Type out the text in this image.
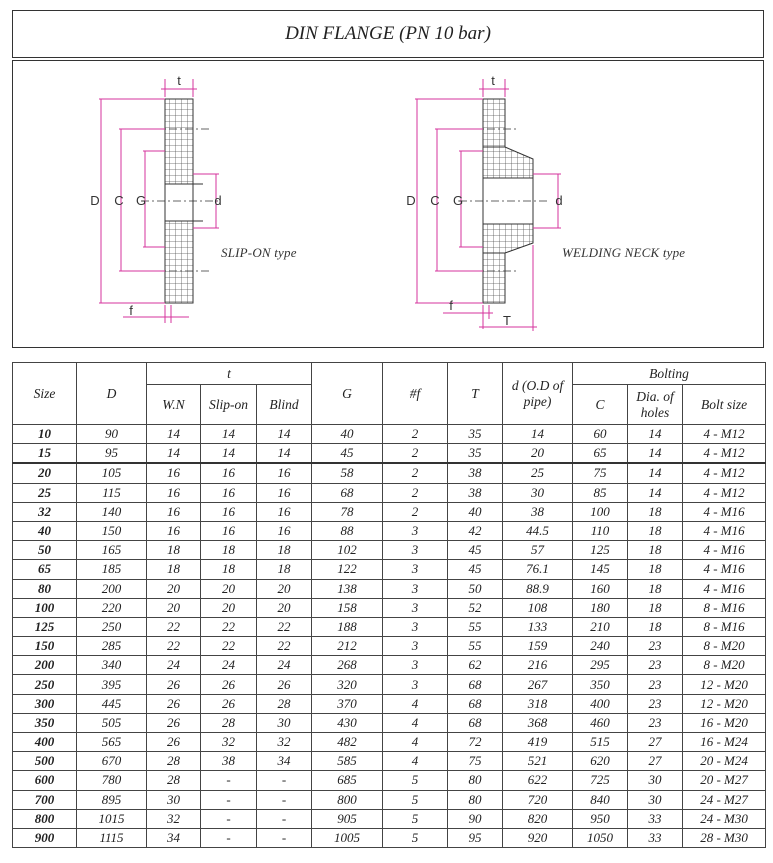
DIN FLANGE (PN 10 bar)
D C G	d
t
f
D C G	d
t
f
T
SLIP-ON type	WELDING NECK type
Size	D	t			G	#f	T	d (O.D of pipe)	Bolting		
		W.N	Slip-on	Blind					C	Dia. of holes	Bolt size
10	90	14	14	14	40	2	35	14	60	14	4 - M12
15	95	14	14	14	45	2	35	20	65	14	4 - M12
20	105	16	16	16	58	2	38	25	75	14	4 - M12
25	115	16	16	16	68	2	38	30	85	14	4 - M12
32	140	16	16	16	78	2	40	38	100	18	4 - M16
40	150	16	16	16	88	3	42	44.5	110	18	4 - M16
50	165	18	18	18	102	3	45	57	125	18	4 - M16
65	185	18	18	18	122	3	45	76.1	145	18	4 - M16
80	200	20	20	20	138	3	50	88.9	160	18	4 - M16
100	220	20	20	20	158	3	52	108	180	18	8 - M16
125	250	22	22	22	188	3	55	133	210	18	8 - M16
150	285	22	22	22	212	3	55	159	240	23	8 - M20
200	340	24	24	24	268	3	62	216	295	23	8 - M20
250	395	26	26	26	320	3	68	267	350	23	12 - M20
300	445	26	26	28	370	4	68	318	400	23	12 - M20
350	505	26	28	30	430	4	68	368	460	23	16 - M20
400	565	26	32	32	482	4	72	419	515	27	16 - M24
500	670	28	38	34	585	4	75	521	620	27	20 - M24
600	780	28	-	-	685	5	80	622	725	30	20 - M27
700	895	30	-	-	800	5	80	720	840	30	24 - M27
800	1015	32	-	-	905	5	90	820	950	33	24 - M30
900	1115	34	-	-	1005	5	95	920	1050	33	28 - M30
